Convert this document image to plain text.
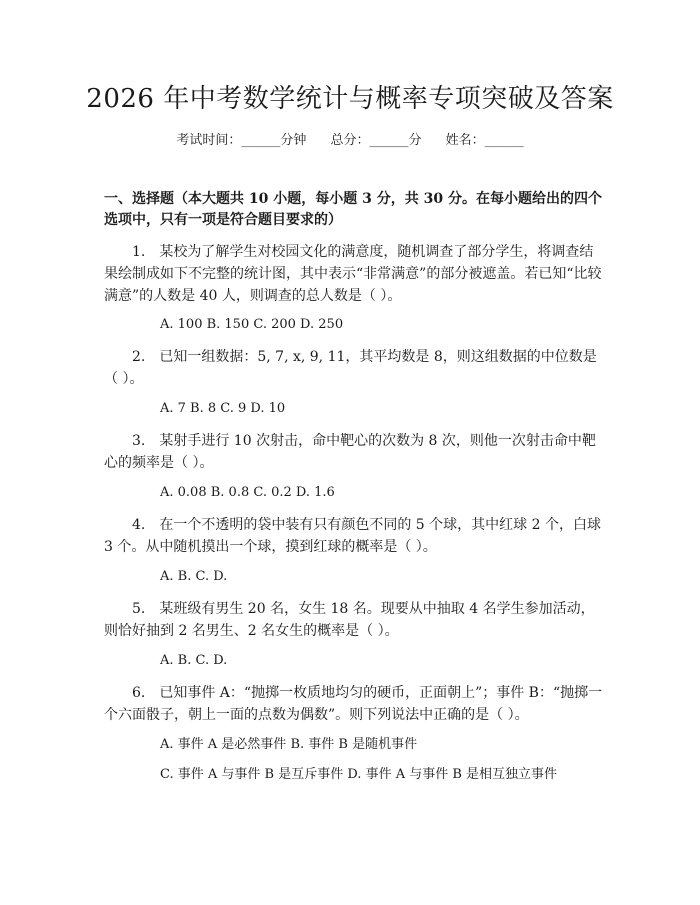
2026 年中考数学统计与概率专项突破及答案
考试时间：______分钟 总分：______分 姓名：______
一、选择题（本大题共 10 小题，每小题 3 分，共 30 分。在每小题给出的四个选项中，只有一项是符合题目要求的）
1.　某校为了解学生对校园文化的满意度，随机调查了部分学生，将调查结果绘制成如下不完整的统计图，其中表示“非常满意”的部分被遮盖。若已知“比较满意”的人数是 40 人，则调查的总人数是（ ）。
A. 100 B. 150 C. 200 D. 250
2.　已知一组数据：5, 7, x, 9, 11，其平均数是 8，则这组数据的中位数是（ ）。
A. 7 B. 8 C. 9 D. 10
3.　某射手进行 10 次射击，命中靶心的次数为 8 次，则他一次射击命中靶心的频率是（ ）。
A. 0.08 B. 0.8 C. 0.2 D. 1.6
4.　在一个不透明的袋中装有只有颜色不同的 5 个球，其中红球 2 个，白球 3 个。从中随机摸出一个球，摸到红球的概率是（ ）。
A. B. C. D.
5.　某班级有男生 20 名，女生 18 名。现要从中抽取 4 名学生参加活动，则恰好抽到 2 名男生、2 名女生的概率是（ ）。
A. B. C. D.
6.　已知事件 A：“抛掷一枚质地均匀的硬币，正面朝上”；事件 B：“抛掷一个六面骰子，朝上一面的点数为偶数”。则下列说法中正确的是（ ）。
A. 事件 A 是必然事件 B. 事件 B 是随机事件
C. 事件 A 与事件 B 是互斥事件 D. 事件 A 与事件 B 是相互独立事件
